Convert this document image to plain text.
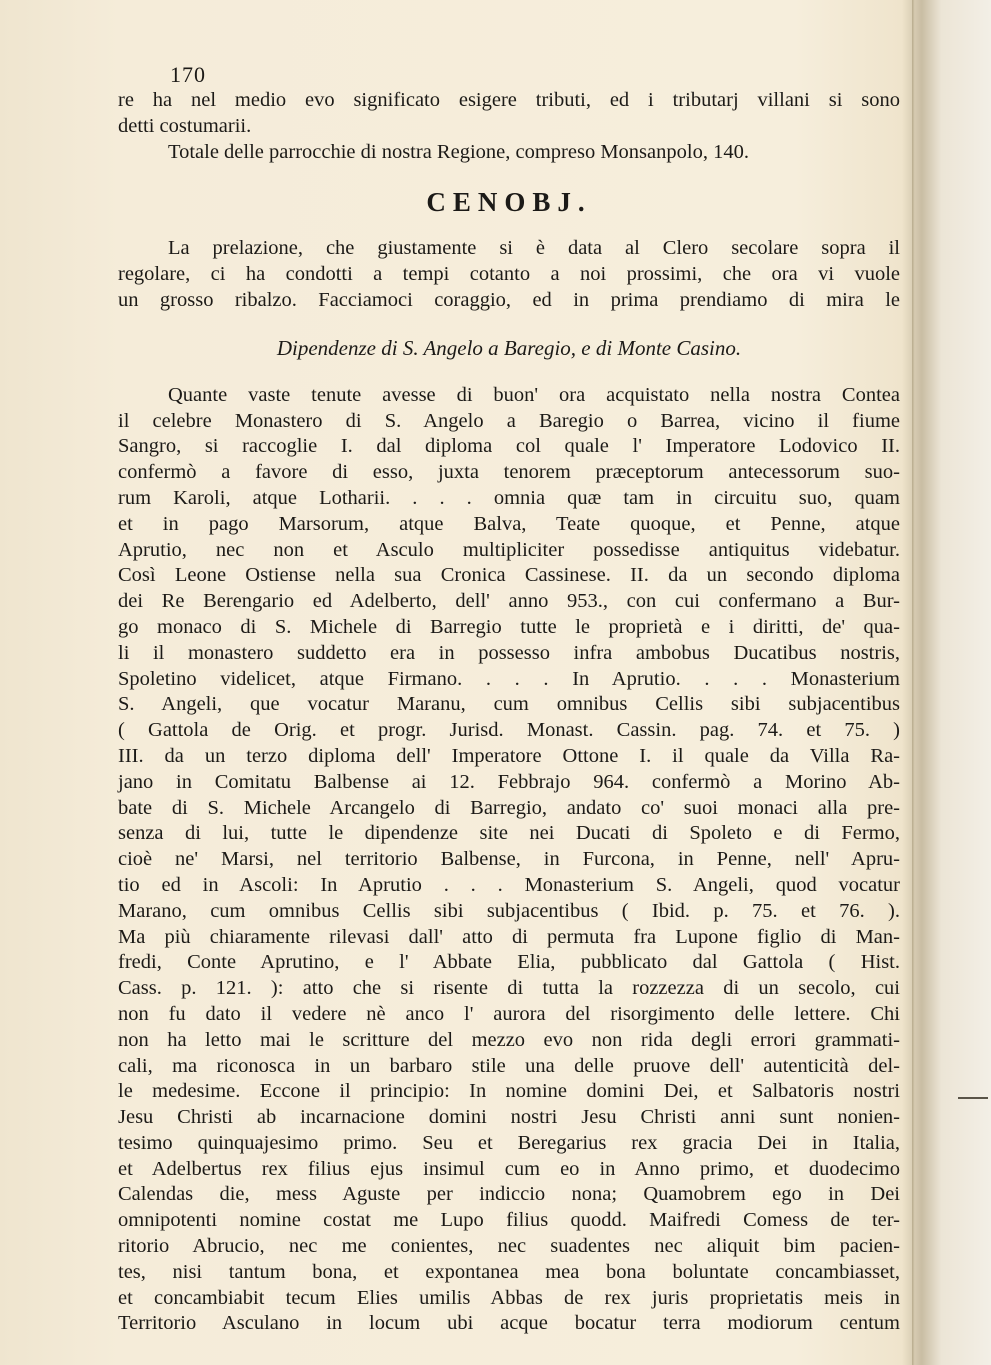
170
re ha nel medio evo significato esigere tributi, ed i tributarj villani si sono
detti costumarii.
Totale delle parrocchie di nostra Regione, compreso Monsanpolo, 140.
CENOBJ.
La prelazione, che giustamente si è data al Clero secolare sopra il
regolare, ci ha condotti a tempi cotanto a noi prossimi, che ora vi vuole
un grosso ribalzo. Facciamoci coraggio, ed in prima prendiamo di mira le
Dipendenze di S. Angelo a Baregio, e di Monte Casino.
Quante vaste tenute avesse di buon' ora acquistato nella nostra Contea
il celebre Monastero di S. Angelo a Baregio o Barrea, vicino il fiume
Sangro, si raccoglie I. dal diploma col quale l' Imperatore Lodovico II.
confermò a favore di esso, juxta tenorem præceptorum antecessorum suo-
rum Karoli, atque Lotharii. . . . omnia quæ tam in circuitu suo, quam
et in pago Marsorum, atque Balva, Teate quoque, et Penne, atque
Aprutio, nec non et Asculo multipliciter possedisse antiquitus videbatur.
Così Leone Ostiense nella sua Cronica Cassinese. II. da un secondo diploma
dei Re Berengario ed Adelberto, dell' anno 953., con cui confermano a Bur-
go monaco di S. Michele di Barregio tutte le proprietà e i diritti, de' qua-
li il monastero suddetto era in possesso infra ambobus Ducatibus nostris,
Spoletino videlicet, atque Firmano. . . . In Aprutio. . . . Monasterium
S. Angeli, que vocatur Maranu, cum omnibus Cellis sibi subjacentibus
( Gattola de Orig. et progr. Jurisd. Monast. Cassin. pag. 74. et 75. )
III. da un terzo diploma dell' Imperatore Ottone I. il quale da Villa Ra-
jano in Comitatu Balbense ai 12. Febbrajo 964. confermò a Morino Ab-
bate di S. Michele Arcangelo di Barregio, andato co' suoi monaci alla pre-
senza di lui, tutte le dipendenze site nei Ducati di Spoleto e di Fermo,
cioè ne' Marsi, nel territorio Balbense, in Furcona, in Penne, nell' Apru-
tio ed in Ascoli: In Aprutio . . . Monasterium S. Angeli, quod vocatur
Marano, cum omnibus Cellis sibi subjacentibus ( Ibid. p. 75. et 76. ).
Ma più chiaramente rilevasi dall' atto di permuta fra Lupone figlio di Man-
fredi, Conte Aprutino, e l' Abbate Elia, pubblicato dal Gattola ( Hist.
Cass. p. 121. ): atto che si risente di tutta la rozzezza di un secolo, cui
non fu dato il vedere nè anco l' aurora del risorgimento delle lettere. Chi
non ha letto mai le scritture del mezzo evo non rida degli errori grammati-
cali, ma riconosca in un barbaro stile una delle pruove dell' autenticità del-
le medesime. Eccone il principio: In nomine domini Dei, et Salbatoris nostri
Jesu Christi ab incarnacione domini nostri Jesu Christi anni sunt nonien-
tesimo quinquajesimo primo. Seu et Beregarius rex gracia Dei in Italia,
et Adelbertus rex filius ejus insimul cum eo in Anno primo, et duodecimo
Calendas die, mess Aguste per indiccio nona; Quamobrem ego in Dei
omnipotenti nomine costat me Lupo filius quodd. Maifredi Comess de ter-
ritorio Abrucio, nec me conientes, nec suadentes nec aliquit bim pacien-
tes, nisi tantum bona, et expontanea mea bona boluntate concambiasset,
et concambiabit tecum Elies umilis Abbas de rex juris proprietatis meis in
Territorio Asculano in locum ubi acque bocatur terra modiorum centum
